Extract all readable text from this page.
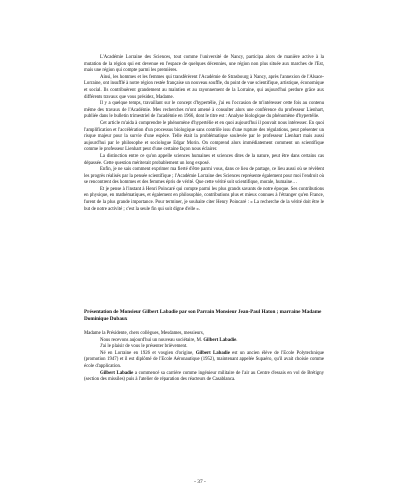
L'Académie Lorraine des Sciences, tout comme l'université de Nancy, participa alors de manière active à la mutation de la région qui est devenue en l'espace de quelques décennies, une région non plus située aux marches de l'Est, mais une région qui compte parmi les premières.

Ainsi, les hommes et les femmes qui transférèrent l'Académie de Strasbourg à Nancy, après l'annexion de l'Alsace-Lorraine, ont insufflé à notre région restée française un nouveau souffle, du point de vue scientifique, artistique, économique et social. Ils contribuèrent grandement au maintien et au rayonnement de la Lorraine, qui aujourd'hui perdure grâce aux différents travaux que vous présidez, Madame.

Il y a quelque temps, travaillant sur le concept d'hypertélie, j'ai eu l'occasion de m'intéresser cette fois au contenu même des travaux de l'Académie. Mes recherches m'ont amené à consulter alors une conférence du professeur Lienhart, publiée dans le bulletin trimestriel de l'académie en 1966, dont le titre est : Analyse biologique du phénomène d'hypertélie.

Cet article m'aida à comprendre le phénomène d'hypertélie et en quoi aujourd'hui il pouvait nous intéresser. En quoi l'amplification et l'accélération d'un processus biologique sans contrôle issu d'une rupture des régulations, peut présenter un risque majeur pour la survie d'une espèce. Telle était la problématique soulevée par le professeur Lienhart mais aussi aujourd'hui par le philosophe et sociologue Edgar Morin. On comprend alors immédiatement comment un scientifique comme le professeur Lienhart peut d'une certaine façon nous éclairer.

La distinction entre ce qu'on appelle sciences humaines et sciences dites de la nature, peut être dans certains cas dépassée. Cette question mériterait probablement un long exposé.

Enfin, je ne sais comment exprimer ma fierté d'être parmi vous, dans ce lieu de partage, ce lieu aussi où se révèlent les progrès réalisés par la pensée scientifique ; l'Académie Lorraine des Sciences représente également pour moi l'endroit où se rencontrent des hommes et des femmes épris de vérité. Que cette vérité soit scientifique, morale, humaine…

Et je pense à l'instant à Henri Poincaré qui compte parmi les plus grands savants de notre époque. Ses contributions en physique, en mathématiques, et également en philosophie, contributions plus et mieux connues à l'étranger qu'en France, furent de la plus grande importance. Pour terminer, je souhaite citer Henry Poincaré : « La recherche de la vérité doit être le but de notre activité ; c'est la seule fin qui soit digne d'elle ».

Présentation de Monsieur Gilbert Labadie par son Parrain Monsieur Jean-Paul Haton ; marraine Madame Dominique Dubaux

Madame la Présidente, chers collègues, Mesdames, messieurs,

Nous recevons aujourd'hui un nouveau sociétaire, M. Gilbert Labadie.

J'ai le plaisir de vous le présenter brièvement.

Né en Lorraine en 1926 et vosgien d'origine, Gilbert Labadie est un ancien élève de l'Ecole Polytechnique (promotion 1947) et il est diplômé de l'Ecole Aéronautique (1952), maintenant appelée Supaéro, qu'il avait choisie comme école d'application.

Gilbert Labadie a commencé sa carrière comme ingénieur militaire de l'air au Centre d'essais en vol de Brétigny (section des missiles) puis à l'atelier de réparation des réacteurs de Casablanca.

- 37 -
